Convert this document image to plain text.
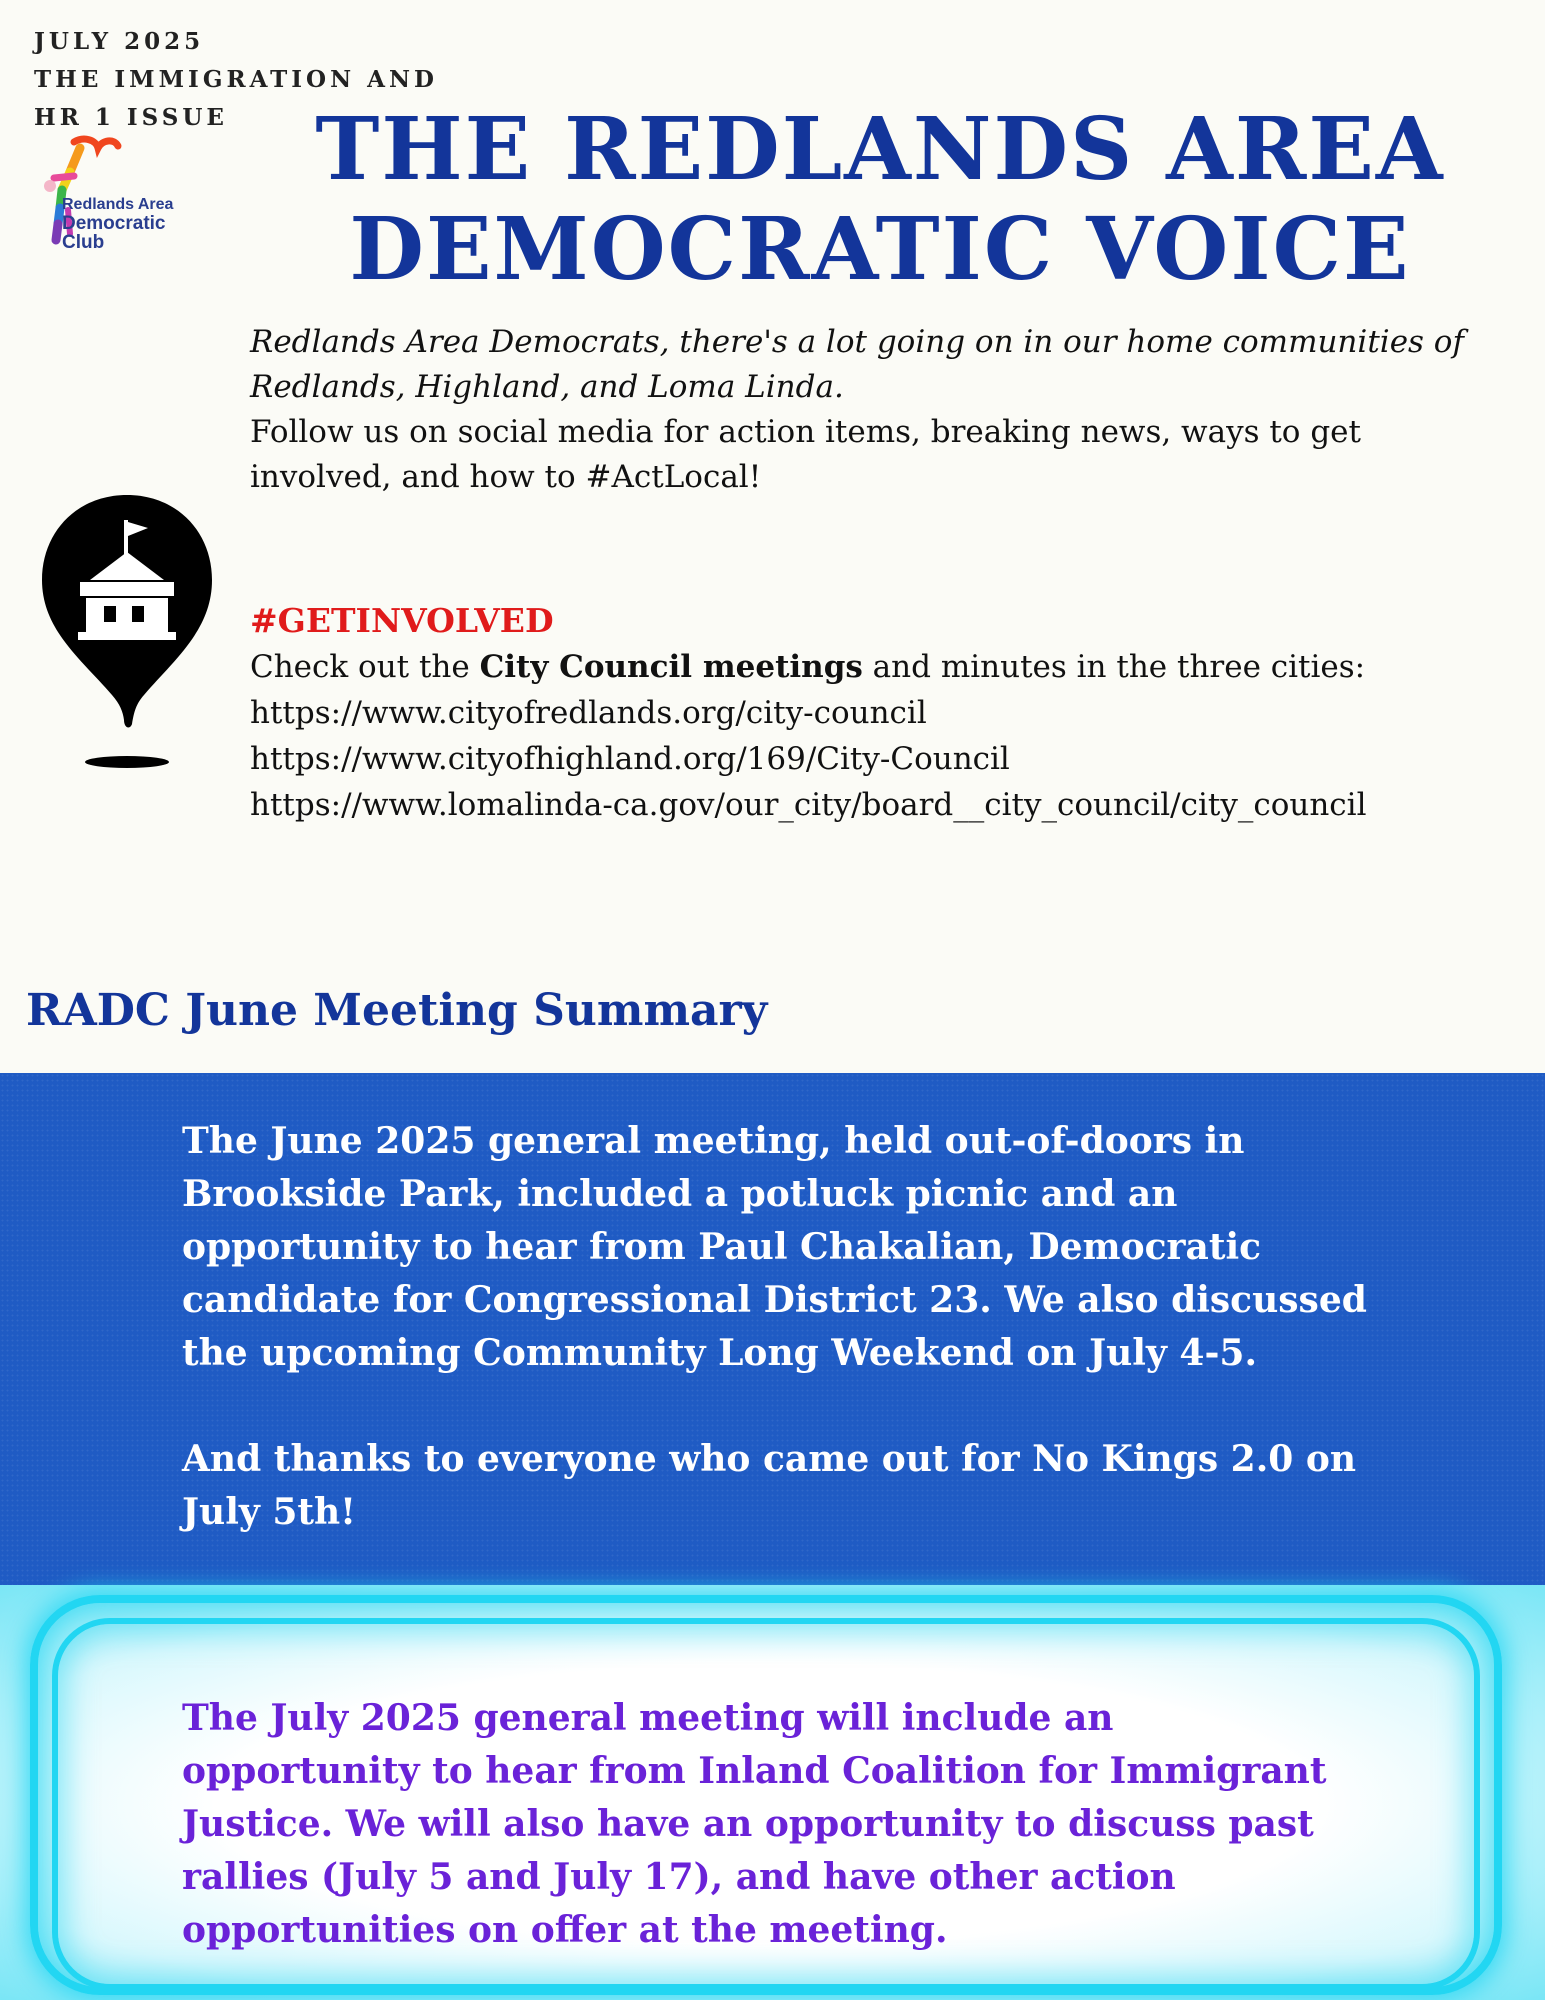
JULY 2025

THE IMMIGRATION AND

HR 1 ISSUE

Redlands Area
Democratic
Club
THE REDLANDS AREA
DEMOCRATIC VOICE

Redlands Area Democrats, there's a lot going on in our home communities of Redlands, Highland, and Loma Linda.

Follow us on social media for action items, breaking news, ways to get involved, and how to #ActLocal!

#GETINVOLVED

Check out the City Council meetings and minutes in the three cities:

https://www.cityofredlands.org/city-council

https://www.cityofhighland.org/169/City-Council

https://www.lomalinda-ca.gov/our_city/board__city_council/city_council

RADC June Meeting Summary

The June 2025 general meeting, held out-of-doors in Brookside Park, included a potluck picnic and an opportunity to hear from Paul Chakalian, Democratic candidate for Congressional District 23. We also discussed the upcoming Community Long Weekend on July 4-5.

And thanks to everyone who came out for No Kings 2.0 on July 5th!

The July 2025 general meeting will include an opportunity to hear from Inland Coalition for Immigrant Justice. We will also have an opportunity to discuss past rallies (July 5 and July 17), and have other action opportunities on offer at the meeting.
